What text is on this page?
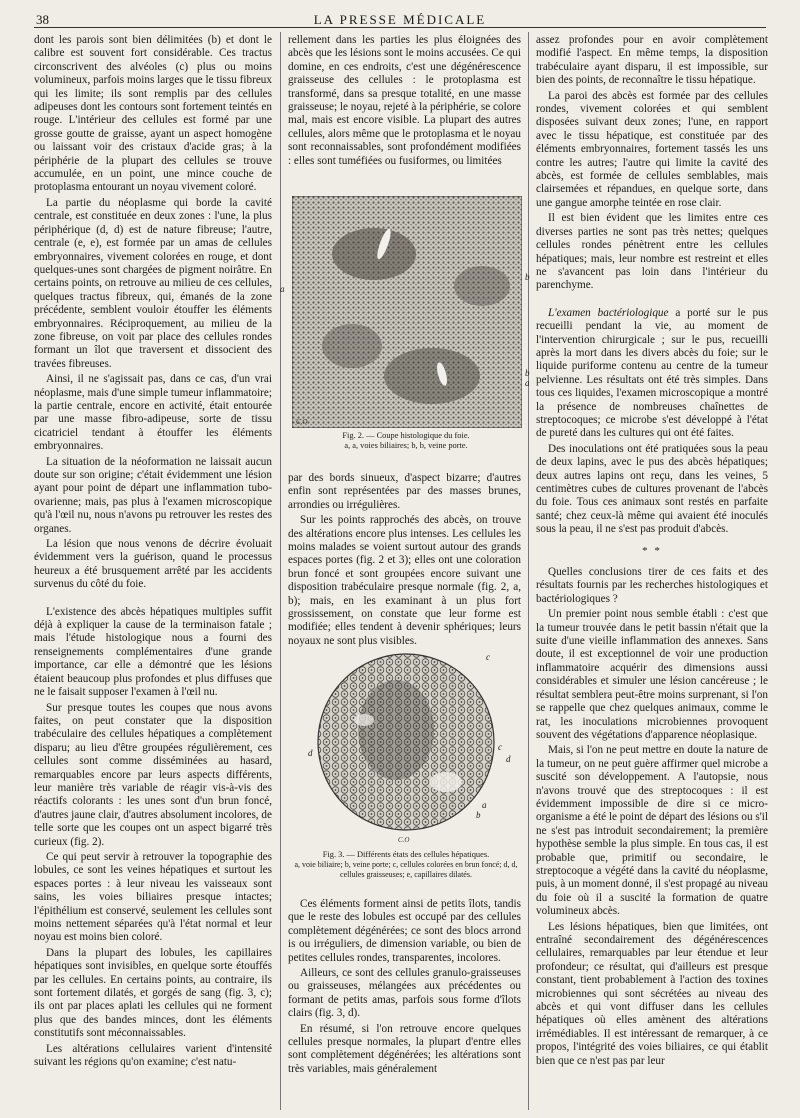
38	LA PRESSE MÉDICALE

dont les parois sont bien délimitées (b) et dont le calibre est souvent fort considérable. Ces tractus circonscrivent des alvéoles (c) plus ou moins volumineux, parfois moins larges que le tissu fibreux qui les limite; ils sont remplis par des cellules adipeuses dont les contours sont fortement teintés en rouge. L'intérieur des cellules est formé par une grosse goutte de graisse, ayant un aspect homogène ou laissant voir des cristaux d'acide gras; à la périphérie de la plupart des cellules se trouve accumulée, en un point, une mince couche de protoplasma entourant un noyau vivement coloré.

La partie du néoplasme qui borde la cavité centrale, est constituée en deux zones : l'une, la plus périphérique (d, d) est de nature fibreuse; l'autre, centrale (e, e), est formée par un amas de cellules embryonnaires, vivement colorées en rouge, et dont quelques-unes sont chargées de pigment noirâtre. En certains points, on retrouve au milieu de ces cellules, quelques tractus fibreux, qui, émanés de la zone précédente, semblent vouloir étouffer les éléments embryonnaires. Réciproquement, au milieu de la zone fibreuse, on voit par place des cellules rondes formant un îlot que traversent et dissocient des travées fibreuses.

Ainsi, il ne s'agissait pas, dans ce cas, d'un vrai néoplasme, mais d'une simple tumeur inflammatoire; la partie centrale, encore en activité, était entourée par une masse fibro-adipeuse, sorte de tissu cicatriciel tendant à étouffer les éléments embryonnaires.

La situation de la néoformation ne laissait aucun doute sur son origine; c'était évidemment une lésion ayant pour point de départ une inflammation tubo-ovarienne; mais, pas plus à l'examen microscopique qu'à l'œil nu, nous n'avons pu retrouver les restes des organes.

La lésion que nous venons de décrire évoluait évidemment vers la guérison, quand le processus heureux a été brusquement arrêté par les accidents survenus du côté du foie.

L'existence des abcès hépatiques multiples suffit déjà à expliquer la cause de la terminaison fatale ; mais l'étude histologique nous a fourni des renseignements complémentaires d'une grande importance, car elle a démontré que les lésions étaient beaucoup plus profondes et plus diffuses que ne le faisait supposer l'examen à l'œil nu.

Sur presque toutes les coupes que nous avons faites, on peut constater que la disposition trabéculaire des cellules hépatiques a complètement disparu; au lieu d'être groupées régulièrement, ces cellules sont comme disséminées au hasard, remarquables encore par leurs aspects différents, leur manière très variable de réagir vis-à-vis des réactifs colorants : les unes sont d'un brun foncé, d'autres jaune clair, d'autres absolument incolores, de telle sorte que les coupes ont un aspect bigarré très curieux (fig. 2).

Ce qui peut servir à retrouver la topographie des lobules, ce sont les veines hépatiques et surtout les espaces portes : à leur niveau les vaisseaux sont sains, les voies biliaires presque intactes; l'épithélium est conservé, seulement les cellules sont moins nettement séparées qu'à l'état normal et leur noyau est moins bien coloré.

Dans la plupart des lobules, les capillaires hépatiques sont invisibles, en quelque sorte étouffés par les cellules. En certains points, au contraire, ils sont fortement dilatés, et gorgés de sang (fig. 3, c); ils ont par places aplati les cellules qui ne forment plus que des bandes minces, dont les éléments constitutifs sont méconnaissables.

Les altérations cellulaires varient d'intensité suivant les régions qu'on examine; c'est natu-

rellement dans les parties les plus éloignées des abcès que les lésions sont le moins accusées. Ce qui domine, en ces endroits, c'est une dégénérescence graisseuse des cellules : le protoplasma est transformé, dans sa presque totalité, en une masse graisseuse; le noyau, rejeté à la périphérie, se colore mal, mais est encore visible. La plupart des autres cellules, alors même que le protoplasma et le noyau sont reconnaissables, sont profondément modifiées : elles sont tuméfiées ou fusiformes, ou limitées

C.O
a
b
b
a
Fig. 2. — Coupe histologique du foie.
a, a, voies biliaires; b, b, veine porte.

par des bords sinueux, d'aspect bizarre; d'autres enfin sont représentées par des masses brunes, arrondies ou irrégulières.

Sur les points rapprochés des abcès, on trouve des altérations encore plus intenses. Les cellules les moins malades se voient surtout autour des grands espaces portes (fig. 2 et 3); elles ont une coloration brun foncé et sont groupées encore suivant une disposition trabéculaire presque normale (fig. 2, a, b); mais, en les examinant à un plus fort grossissement, on constate que leur forme est modifiée; elles tendent à devenir sphériques; leurs noyaux ne sont plus visibles.

C.O
c
d
c
d
a
b
Fig. 3. — Différents états des cellules hépatiques.
a, voie biliaire; b, veine porte; c, cellules colorées en brun foncé; d, d, cellules graisseuses; e, capillaires dilatés.

Ces éléments forment ainsi de petits îlots, tandis que le reste des lobules est occupé par des cellules complètement dégénérées; ce sont des blocs arrond is ou irréguliers, de dimension variable, ou bien de petites cellules rondes, transparentes, incolores.

Ailleurs, ce sont des cellules granulo-graisseuses ou graisseuses, mélangées aux précédentes ou formant de petits amas, parfois sous forme d'îlots clairs (fig. 3, d).

En résumé, si l'on retrouve encore quelques cellules presque normales, la plupart d'entre elles sont complètement dégénérées; les altérations sont très variables, mais généralement

assez profondes pour en avoir complètement modifié l'aspect. En même temps, la disposition trabéculaire ayant disparu, il est impossible, sur bien des points, de reconnaître le tissu hépatique.

La paroi des abcès est formée par des cellules rondes, vivement colorées et qui semblent disposées suivant deux zones; l'une, en rapport avec le tissu hépatique, est constituée par des éléments embryonnaires, fortement tassés les uns contre les autres; l'autre qui limite la cavité des abcès, est formée de cellules semblables, mais clairsemées et répandues, en quelque sorte, dans une gangue amorphe teintée en rose clair.

Il est bien évident que les limites entre ces diverses parties ne sont pas très nettes; quelques cellules rondes pénètrent entre les cellules hépatiques; mais, leur nombre est restreint et elles ne s'avancent pas loin dans l'intérieur du parenchyme.

L'examen bactériologique a porté sur le pus recueilli pendant la vie, au moment de l'intervention chirurgicale ; sur le pus, recueilli après la mort dans les divers abcès du foie; sur le liquide puriforme contenu au centre de la tumeur pelvienne. Les résultats ont été très simples. Dans tous ces liquides, l'examen microscopique a montré la présence de nombreuses chaînettes de streptocoques; ce microbe s'est développé à l'état de pureté dans les cultures qui ont été faites.

Des inoculations ont été pratiquées sous la peau de deux lapins, avec le pus des abcès hépatiques; deux autres lapins ont reçu, dans les veines, 5 centimètres cubes de cultures provenant de l'abcès du foie. Tous ces animaux sont restés en parfaite santé; chez ceux-là même qui avaient été inoculés sous la peau, il ne s'est pas produit d'abcès.

* *

Quelles conclusions tirer de ces faits et des résultats fournis par les recherches histologiques et bactériologiques ?

Un premier point nous semble établi : c'est que la tumeur trouvée dans le petit bassin n'était que la suite d'une vieille inflammation des annexes. Sans doute, il est exceptionnel de voir une production inflammatoire acquérir des dimensions aussi considérables et simuler une lésion cancéreuse ; le résultat semblera peut-être moins surprenant, si l'on se rappelle que chez quelques animaux, comme le rat, les inoculations microbiennes provoquent souvent des végétations d'apparence néoplasique.

Mais, si l'on ne peut mettre en doute la nature de la tumeur, on ne peut guère affirmer quel microbe a suscité son développement. A l'autopsie, nous n'avons trouvé que des streptocoques : il est évidemment impossible de dire si ce micro-organisme a été le point de départ des lésions ou s'il ne s'est pas introduit secondairement; la première hypothèse semble la plus simple. En tous cas, il est probable que, primitif ou secondaire, le streptocoque a végété dans la cavité du néoplasme, puis, à un moment donné, il s'est propagé au niveau du foie où il a suscité la formation de quatre volumineux abcès.

Les lésions hépatiques, bien que limitées, ont entraîné secondairement des dégénérescences cellulaires, remarquables par leur étendue et leur profondeur; ce résultat, qui d'ailleurs est presque constant, tient probablement à l'action des toxines microbiennes qui sont sécrétées au niveau des abcès et qui vont diffuser dans les cellules hépatiques où elles amènent des altérations irrémédiables. Il est intéressant de remarquer, à ce propos, l'intégrité des voies biliaires, ce qui établit bien que ce n'est pas par leur
